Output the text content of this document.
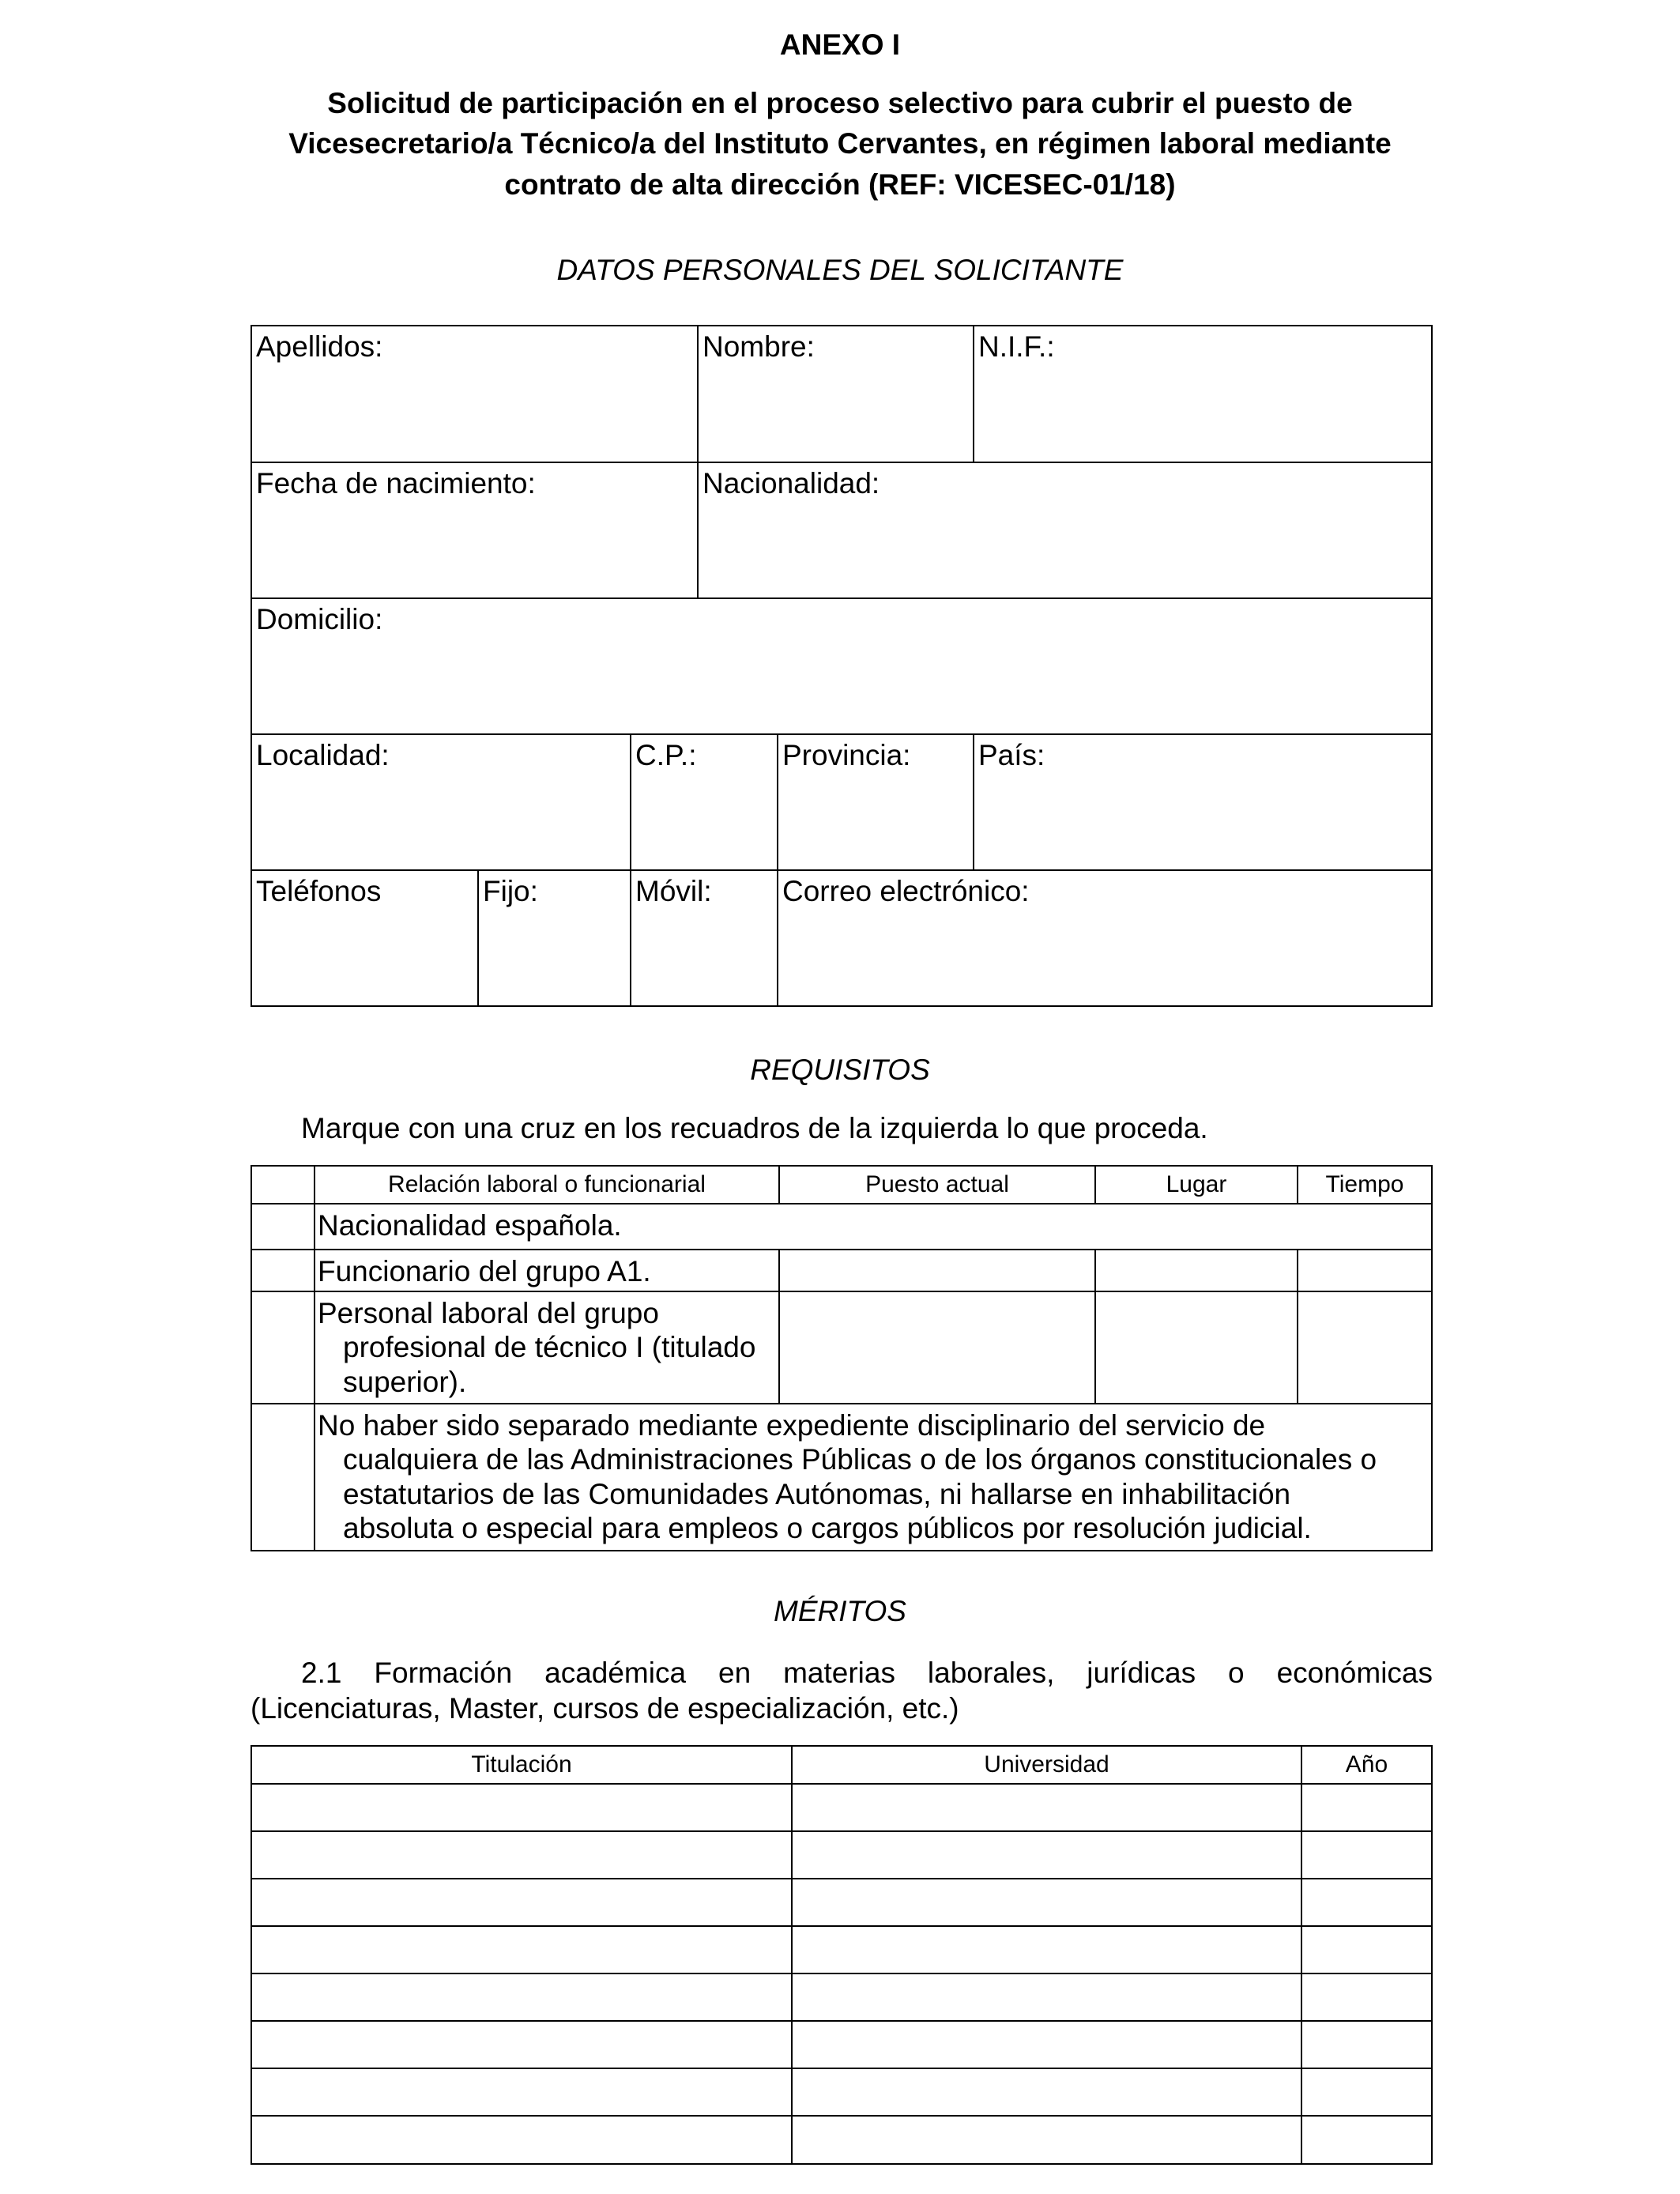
ANEXO I
Solicitud de participación en el proceso selectivo para cubrir el puesto de
Vicesecretario/a Técnico/a del Instituto Cervantes, en régimen laboral mediante
contrato de alta dirección (REF: VICESEC-01/18)
DATOS PERSONALES DEL SOLICITANTE
Apellidos:	Nombre:	N.I.F.:
Fecha de nacimiento:	Nacionalidad:
Domicilio:
Localidad:	C.P.:	Provincia:	País:
Teléfonos	Fijo:	Móvil:	Correo electrónico:
REQUISITOS
Marque con una cruz en los recuadros de la izquierda lo que proceda.
Relación laboral o funcionarial	Puesto actual	Lugar	Tiempo
Nacionalidad española.
Funcionario del grupo A1.
Personal laboral del grupo
profesional de técnico I (titulado
superior).
No haber sido separado mediante expediente disciplinario del servicio de
cualquiera de las Administraciones Públicas o de los órganos constitucionales o
estatutarios de las Comunidades Autónomas, ni hallarse en inhabilitación
absoluta o especial para empleos o cargos públicos por resolución judicial.
MÉRITOS
2.1 Formación académica en materias laborales, jurídicas o económicas
(Licenciaturas, Master, cursos de especialización, etc.)
Titulación	Universidad	Año
